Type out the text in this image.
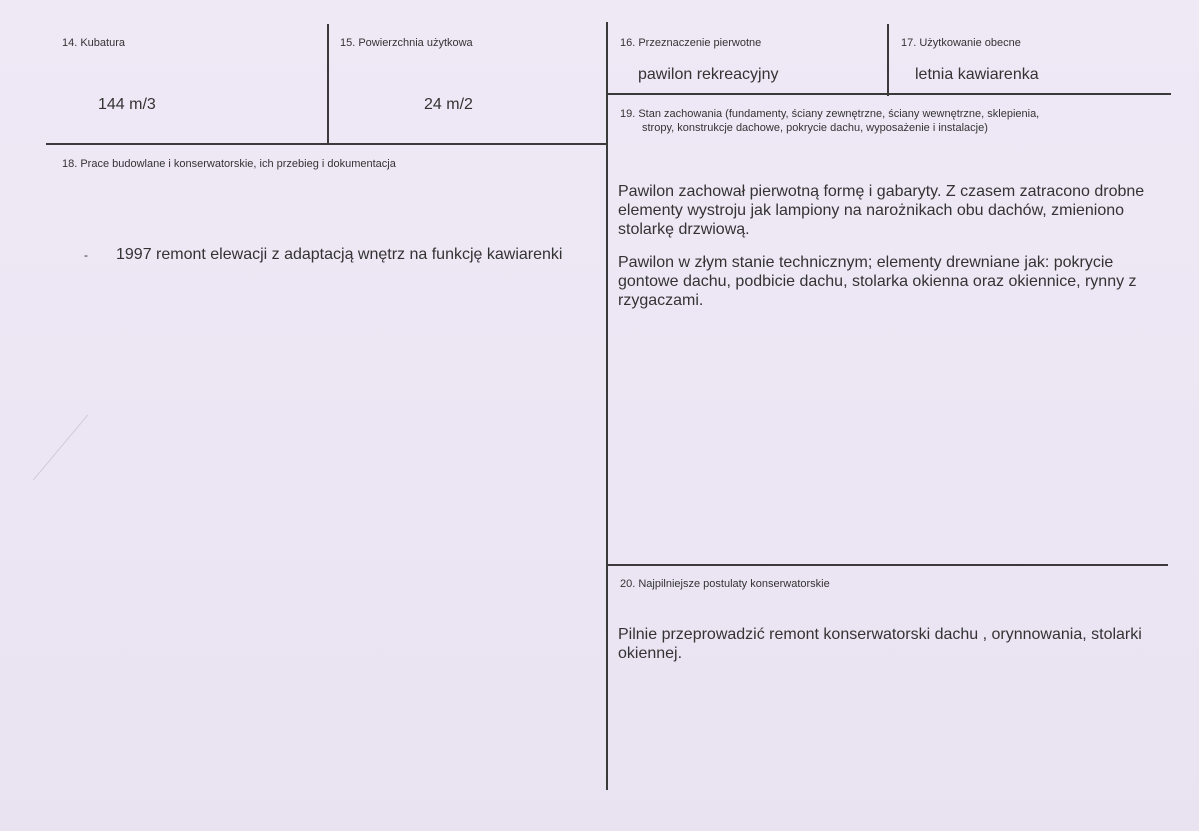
14. Kubatura
144 m/3
15. Powierzchnia użytkowa
24 m/2
16. Przeznaczenie pierwotne
pawilon rekreacyjny
17. Użytkowanie obecne
letnia kawiarenka
18. Prace budowlane i konserwatorskie, ich przebieg i dokumentacja
- 1997 remont elewacji z adaptacją wnętrz na funkcję kawiarenki
19. Stan zachowania (fundamenty, ściany zewnętrzne, ściany wewnętrzne, sklepienia,
stropy, konstrukcje dachowe, pokrycie dachu, wyposażenie i instalacje)

Pawilon zachował pierwotną formę i gabaryty. Z czasem zatracono drobne elementy wystroju jak lampiony na narożnikach obu dachów, zmieniono stolarkę drzwiową.

Pawilon w złym stanie technicznym; elementy drewniane jak: pokrycie gontowe dachu, podbicie dachu, stolarka okienna oraz okiennice, rynny z rzygaczami.

20. Najpilniejsze postulaty konserwatorskie
Pilnie przeprowadzić remont konserwatorski dachu , orynnowania, stolarki okiennej.
